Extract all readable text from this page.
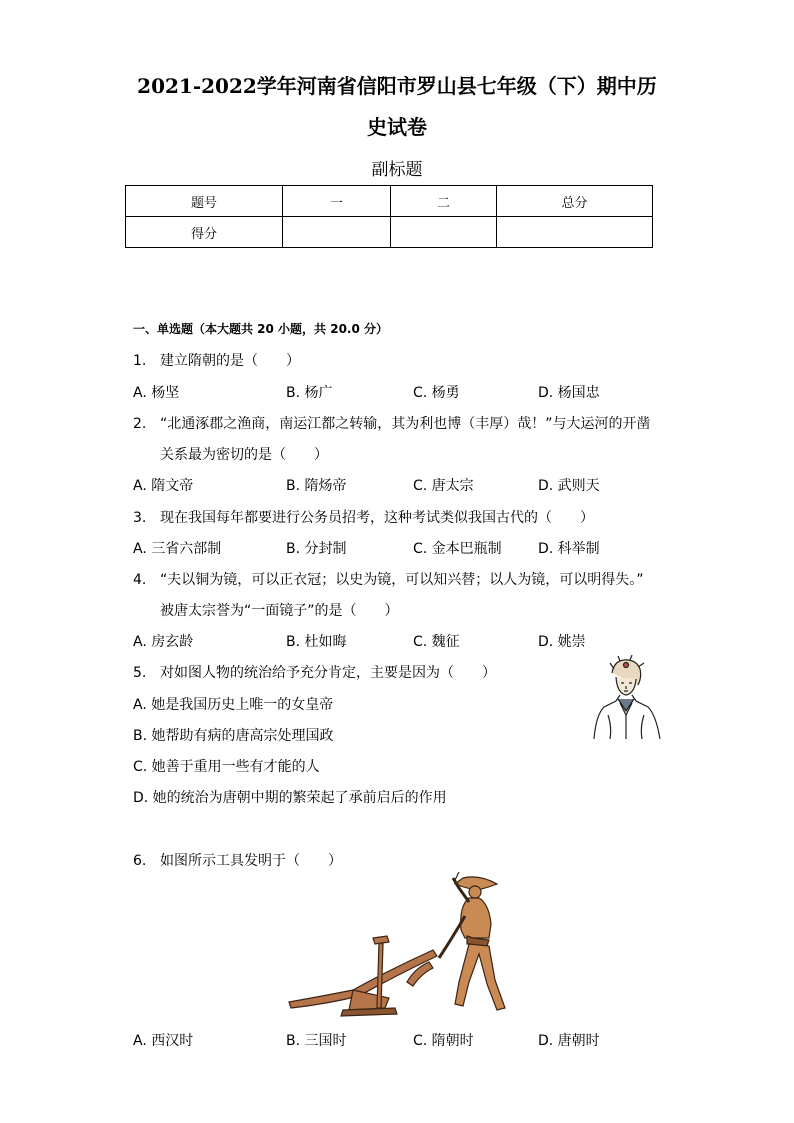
2021-2022学年河南省信阳市罗山县七年级（下）期中历
史试卷
副标题
题号	一	二	总分
得分			
一、单选题（本大题共 20 小题，共 20.0 分）
1. 建立隋朝的是（　　）
A. 杨坚	B. 杨广	C. 杨勇	D. 杨国忠
2. “北通涿郡之渔商，南运江都之转输，其为利也博（丰厚）哉！”与大运河的开凿
关系最为密切的是（　　）
A. 隋文帝	B. 隋炀帝	C. 唐太宗	D. 武则天
3. 现在我国每年都要进行公务员招考，这种考试类似我国古代的（　　）
A. 三省六部制	B. 分封制	C. 金本巴瓶制	D. 科举制
4. “夫以铜为镜，可以正衣冠；以史为镜，可以知兴替；以人为镜，可以明得失。”
被唐太宗誉为“一面镜子”的是（　　）
A. 房玄龄	B. 杜如晦	C. 魏征	D. 姚崇
5. 对如图人物的统治给予充分肯定，主要是因为（　　）
A. 她是我国历史上唯一的女皇帝
B. 她帮助有病的唐高宗处理国政
C. 她善于重用一些有才能的人
D. 她的统治为唐朝中期的繁荣起了承前启后的作用
6. 如图所示工具发明于（　　）
A. 西汉时	B. 三国时	C. 隋朝时	D. 唐朝时
